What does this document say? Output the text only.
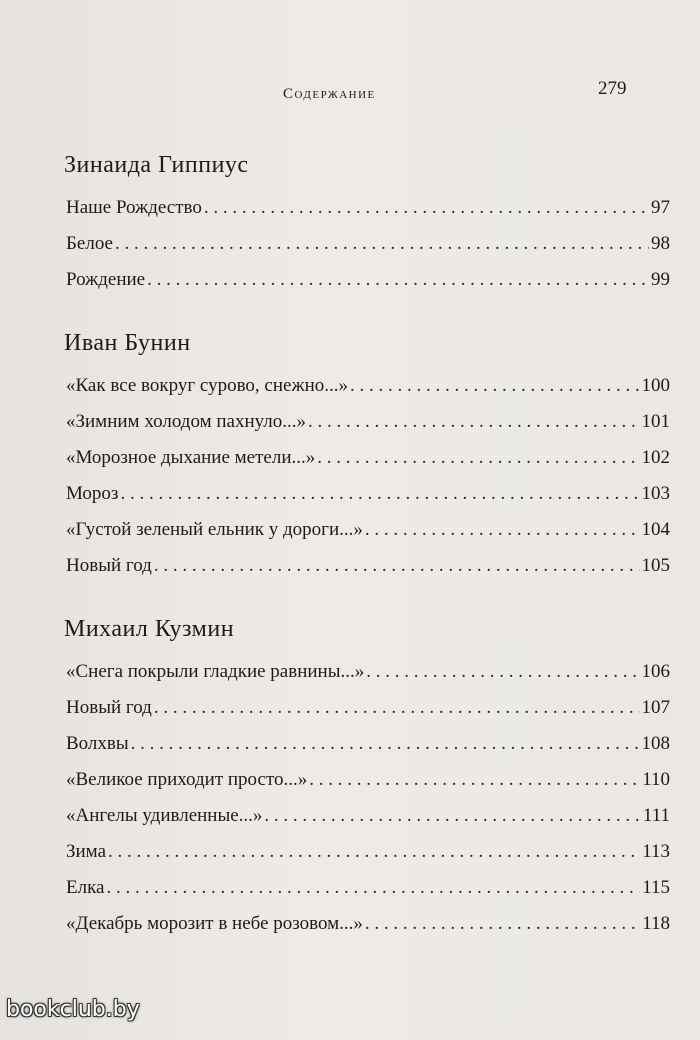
Содержание	279
Зинаида Гиппиус
Наше Рождество . . .	97
Белое . . .	98
Рождение . . .	99
Иван Бунин
«Как все вокруг сурово, снежно...» . . .	100
«Зимним холодом пахнуло...» . . .	101
«Морозное дыхание метели...» . . .	102
Мороз . . .	103
«Густой зеленый ельник у дороги...» . . .	104
Новый год . . .	105
Михаил Кузмин
«Снега покрыли гладкие равнины...» . . .	106
Новый год . . .	107
Волхвы . . .	108
«Великое приходит просто...» . . .	110
«Ангелы удивленные...» . . .	111
Зима . . .	113
Елка . . .	115
«Декабрь морозит в небе розовом...» . . .	118
bookclub.by
